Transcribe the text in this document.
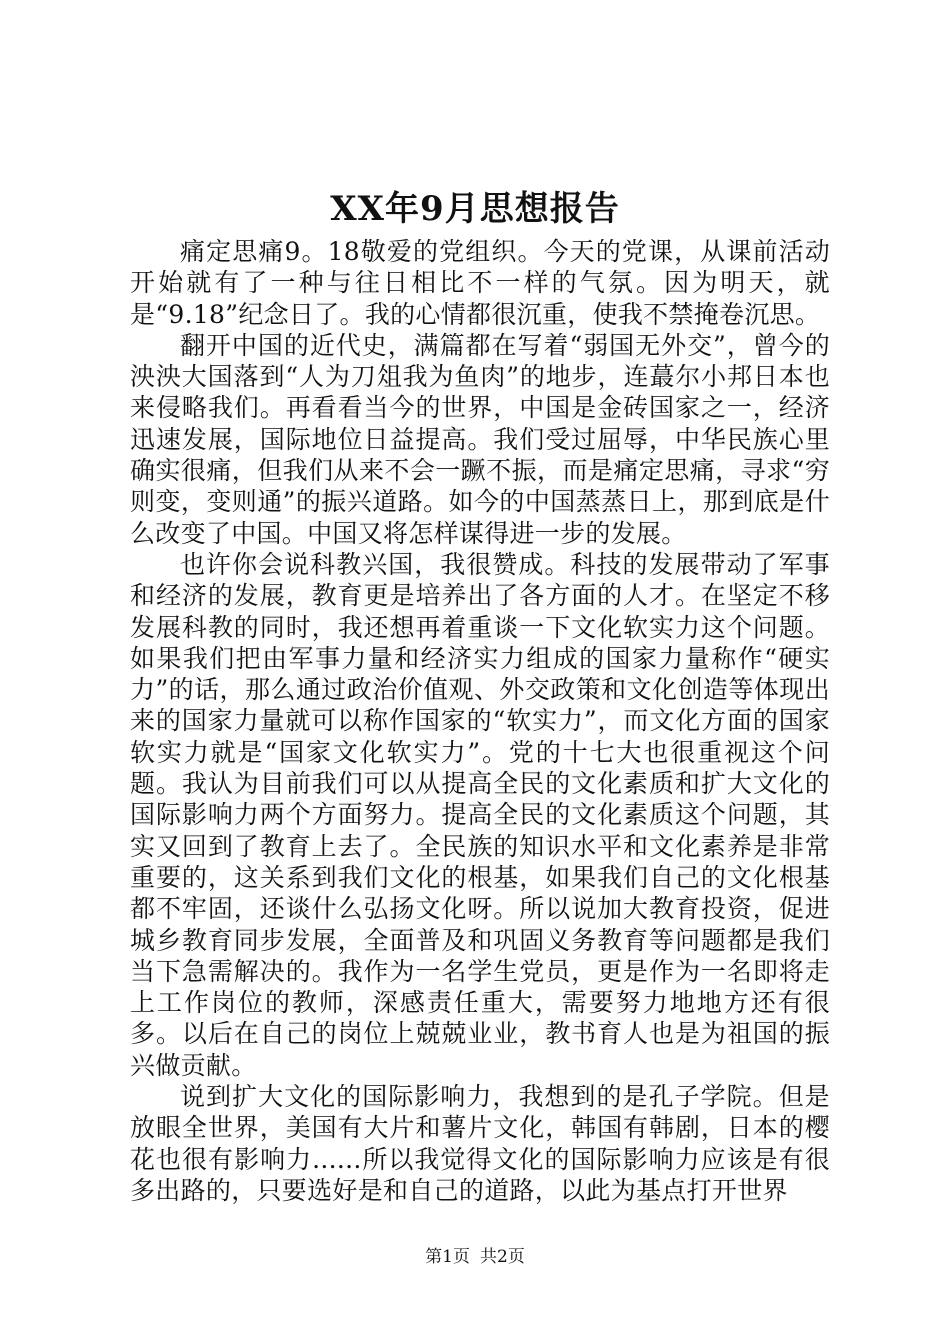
XX年9月思想报告

痛定思痛9。18敬爱的党组织。今天的党课，从课前活动开始就有了一种与往日相比不一样的气氛。因为明天，就是“9.18”纪念日了。我的心情都很沉重，使我不禁掩卷沉思。

翻开中国的近代史，满篇都在写着“弱国无外交”，曾今的泱泱大国落到“人为刀俎我为鱼肉”的地步，连蕞尔小邦日本也来侵略我们。再看看当今的世界，中国是金砖国家之一，经济迅速发展，国际地位日益提高。我们受过屈辱，中华民族心里确实很痛，但我们从来不会一蹶不振，而是痛定思痛，寻求“穷则变，变则通”的振兴道路。如今的中国蒸蒸日上，那到底是什么改变了中国。中国又将怎样谋得进一步的发展。

也许你会说科教兴国，我很赞成。科技的发展带动了军事和经济的发展，教育更是培养出了各方面的人才。在坚定不移发展科教的同时，我还想再着重谈一下文化软实力这个问题。如果我们把由军事力量和经济实力组成的国家力量称作“硬实力”的话，那么通过政治价值观、外交政策和文化创造等体现出来的国家力量就可以称作国家的“软实力”，而文化方面的国家软实力就是“国家文化软实力”。党的十七大也很重视这个问题。我认为目前我们可以从提高全民的文化素质和扩大文化的国际影响力两个方面努力。提高全民的文化素质这个问题，其实又回到了教育上去了。全民族的知识水平和文化素养是非常重要的，这关系到我们文化的根基，如果我们自己的文化根基都不牢固，还谈什么弘扬文化呀。所以说加大教育投资，促进城乡教育同步发展，全面普及和巩固义务教育等问题都是我们当下急需解决的。我作为一名学生党员，更是作为一名即将走上工作岗位的教师，深感责任重大，需要努力地地方还有很多。以后在自己的岗位上兢兢业业，教书育人也是为祖国的振兴做贡献。

说到扩大文化的国际影响力，我想到的是孔子学院。但是放眼全世界，美国有大片和薯片文化，韩国有韩剧，日本的樱花也很有影响力......所以我觉得文化的国际影响力应该是有很多出路的，只要选好是和自己的道路，以此为基点打开世界

第1页 共2页
